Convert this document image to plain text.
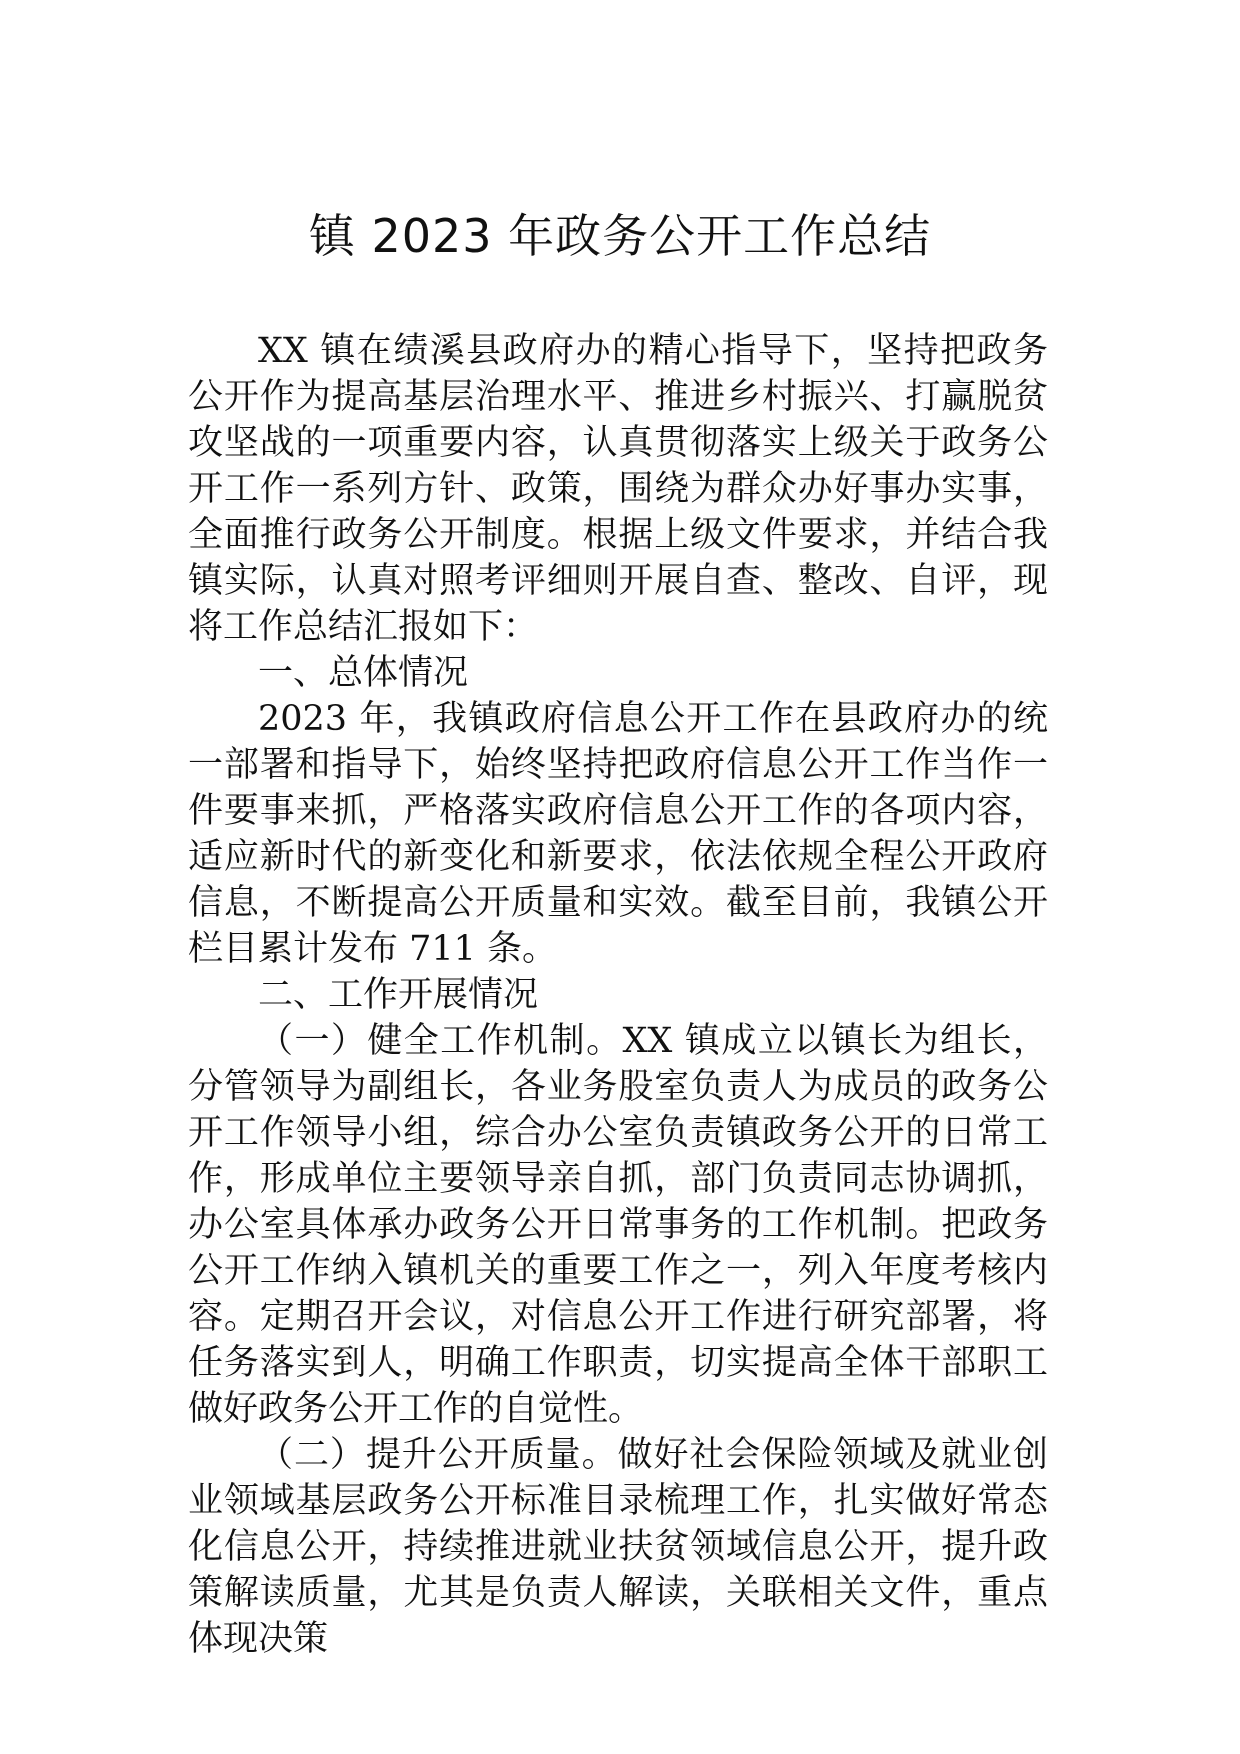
镇 2023 年政务公开工作总结

XX 镇在绩溪县政府办的精心指导下，坚持把政务公开作为提高基层治理水平、推进乡村振兴、打赢脱贫攻坚战的一项重要内容，认真贯彻落实上级关于政务公开工作一系列方针、政策，围绕为群众办好事办实事，全面推行政务公开制度。根据上级文件要求，并结合我镇实际，认真对照考评细则开展自查、整改、自评，现将工作总结汇报如下：

一、总体情况

2023 年，我镇政府信息公开工作在县政府办的统一部署和指导下，始终坚持把政府信息公开工作当作一件要事来抓，严格落实政府信息公开工作的各项内容，适应新时代的新变化和新要求，依法依规全程公开政府信息，不断提高公开质量和实效。截至目前，我镇公开栏目累计发布 711 条。

二、工作开展情况

（一）健全工作机制。XX 镇成立以镇长为组长，分管领导为副组长，各业务股室负责人为成员的政务公开工作领导小组，综合办公室负责镇政务公开的日常工作，形成单位主要领导亲自抓，部门负责同志协调抓，办公室具体承办政务公开日常事务的工作机制。把政务公开工作纳入镇机关的重要工作之一，列入年度考核内容。定期召开会议，对信息公开工作进行研究部署，将任务落实到人，明确工作职责，切实提高全体干部职工做好政务公开工作的自觉性。

（二）提升公开质量。做好社会保险领域及就业创业领域基层政务公开标准目录梳理工作，扎实做好常态化信息公开，持续推进就业扶贫领域信息公开，提升政策解读质量，尤其是负责人解读，关联相关文件，重点体现决策
